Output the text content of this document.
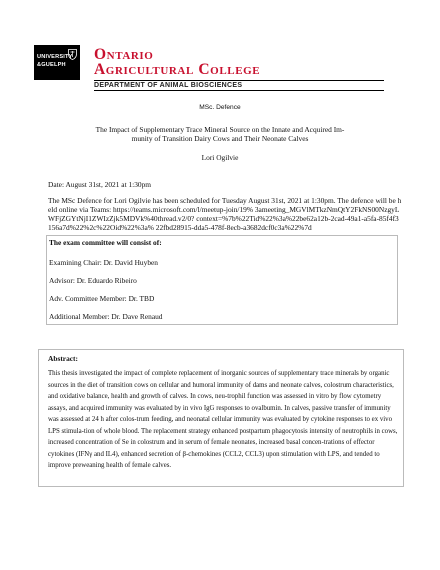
UNIVERSITY
&GUELPH
Ontario
Agricultural College
DEPARTMENT OF ANIMAL BIOSCIENCES
MSc. Defence
The Impact of Supplementary Trace Mineral Source on the Innate and Acquired Im-munity of Transition Dairy Cows and Their Neonate Calves
Lori Ogilvie
Date: August 31st, 2021 at 1:30pm
The MSc Defence for Lori Ogilvie has been scheduled for Tuesday August 31st, 2021 at 1:30pm. The defence will be held online via Teams: https://teams.microsoft.com/l/meetup-join/19% 3ameeting_MGVlMTkzNmQtY2FkNS00NzgyLWFjZGYtNjI1ZWIzZjk5MDVk%40thread.v2/0? context=%7b%22Tid%22%3a%22be62a12b-2cad-49a1-a5fa-85f4f3156a7d%22%2c%22Oid%22%3a% 22fbd28915-dda5-478f-8ecb-a3682dcf0c3a%22%7d
The exam committee will consist of:
Examining Chair: Dr. David Huyben
Advisor: Dr. Eduardo Ribeiro
Adv. Committee Member: Dr. TBD
Additional Member: Dr. Dave Renaud
Abstract:

This thesis investigated the impact of complete replacement of inorganic sources of supplementary trace minerals by organic sources in the diet of transition cows on cellular and humoral immunity of dams and neonate calves, colostrum characteristics, and oxidative balance, health and growth of calves. In cows, neu-trophil function was assessed in vitro by flow cytometry assays, and acquired immunity was evaluated by in vivo IgG responses to ovalbumin. In calves, passive transfer of immunity was assessed at 24 h after colos-trum feeding, and neonatal cellular immunity was evaluated by cytokine responses to ex vivo LPS stimula-tion of whole blood. The replacement strategy enhanced postpartum phagocytosis intensity of neutrophils in cows, increased concentration of Se in colostrum and in serum of female neonates, increased basal concen-trations of effector cytokines (IFNγ and IL4), enhanced secretion of β-chemokines (CCL2, CCL3) upon stimulation with LPS, and tended to improve preweaning health of female calves.
